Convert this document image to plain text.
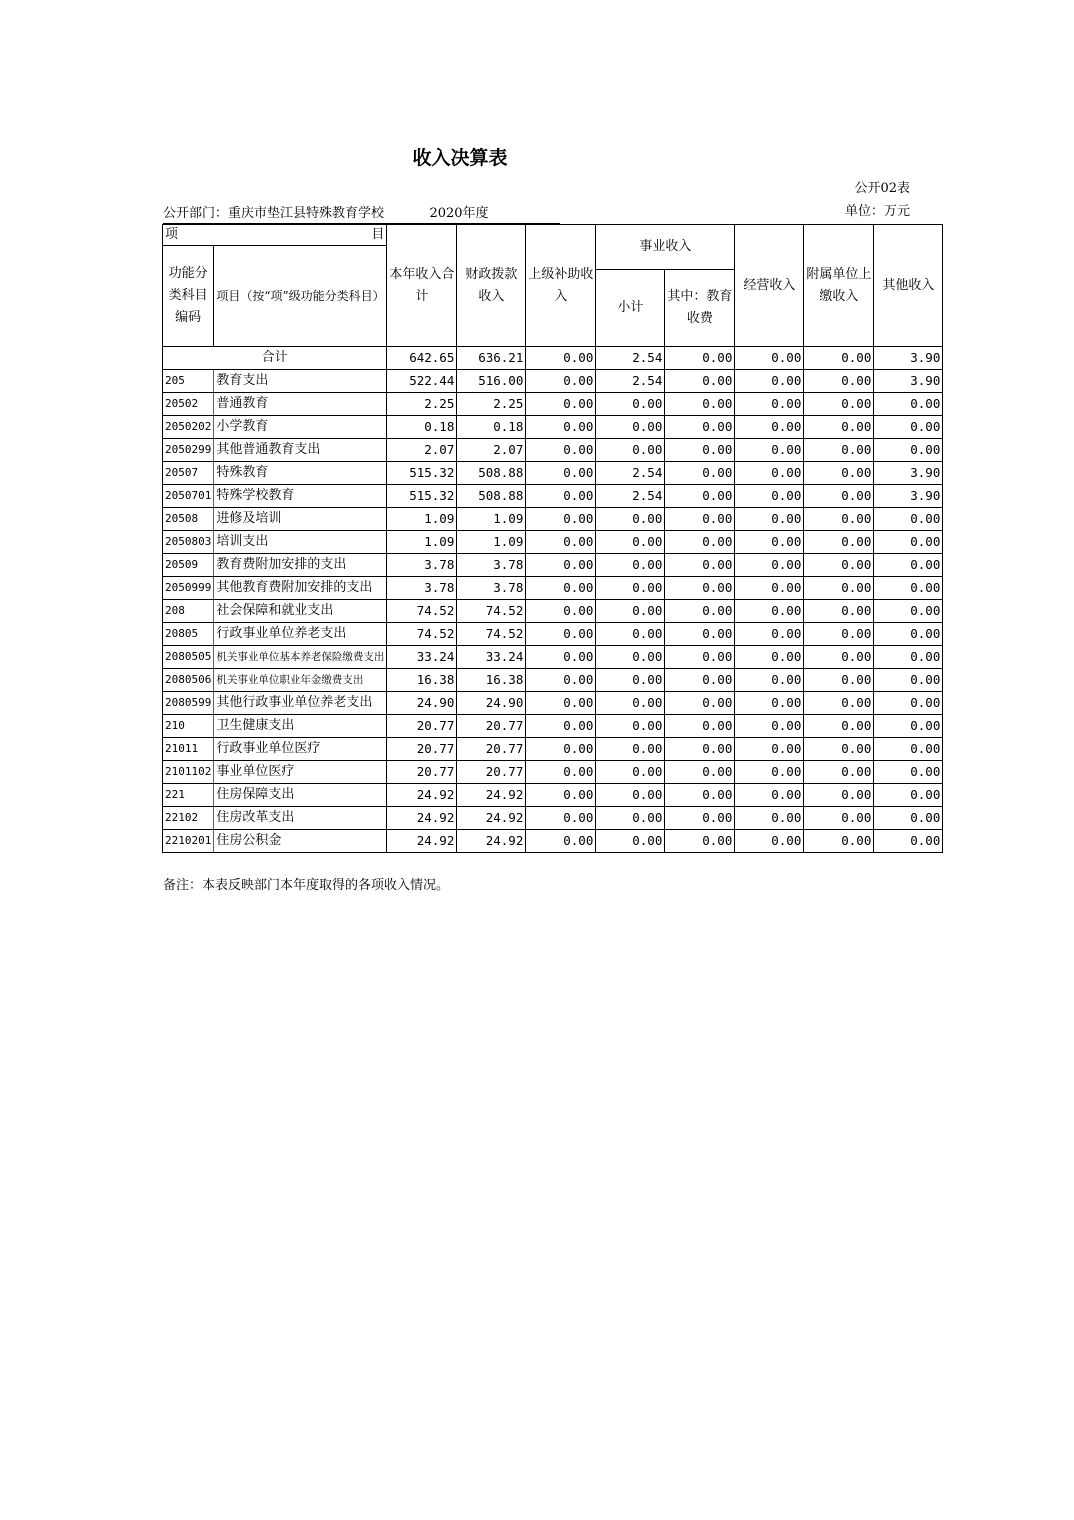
收入决算表
公开部门：重庆市垫江县特殊教育学校	2020年度
公开02表
单位：万元
项 目		本年收入合计	财政拨款收入	上级补助收入	事业收入		经营收入	附属单位上缴收入	其他收入
功能分类科目编码	项目（按“项”级功能分类科目）								
					小计	其中：教育收费			
合计		642.65	636.21	0.00	2.54	0.00	0.00	0.00	3.90
205	教育支出	522.44	516.00	0.00	2.54	0.00	0.00	0.00	3.90
20502	普通教育	2.25	2.25	0.00	0.00	0.00	0.00	0.00	0.00
2050202	小学教育	0.18	0.18	0.00	0.00	0.00	0.00	0.00	0.00
2050299	其他普通教育支出	2.07	2.07	0.00	0.00	0.00	0.00	0.00	0.00
20507	特殊教育	515.32	508.88	0.00	2.54	0.00	0.00	0.00	3.90
2050701	特殊学校教育	515.32	508.88	0.00	2.54	0.00	0.00	0.00	3.90
20508	进修及培训	1.09	1.09	0.00	0.00	0.00	0.00	0.00	0.00
2050803	培训支出	1.09	1.09	0.00	0.00	0.00	0.00	0.00	0.00
20509	教育费附加安排的支出	3.78	3.78	0.00	0.00	0.00	0.00	0.00	0.00
2050999	其他教育费附加安排的支出	3.78	3.78	0.00	0.00	0.00	0.00	0.00	0.00
208	社会保障和就业支出	74.52	74.52	0.00	0.00	0.00	0.00	0.00	0.00
20805	行政事业单位养老支出	74.52	74.52	0.00	0.00	0.00	0.00	0.00	0.00
2080505	机关事业单位基本养老保险缴费支出	33.24	33.24	0.00	0.00	0.00	0.00	0.00	0.00
2080506	机关事业单位职业年金缴费支出	16.38	16.38	0.00	0.00	0.00	0.00	0.00	0.00
2080599	其他行政事业单位养老支出	24.90	24.90	0.00	0.00	0.00	0.00	0.00	0.00
210	卫生健康支出	20.77	20.77	0.00	0.00	0.00	0.00	0.00	0.00
21011	行政事业单位医疗	20.77	20.77	0.00	0.00	0.00	0.00	0.00	0.00
2101102	事业单位医疗	20.77	20.77	0.00	0.00	0.00	0.00	0.00	0.00
221	住房保障支出	24.92	24.92	0.00	0.00	0.00	0.00	0.00	0.00
22102	住房改革支出	24.92	24.92	0.00	0.00	0.00	0.00	0.00	0.00
2210201	住房公积金	24.92	24.92	0.00	0.00	0.00	0.00	0.00	0.00
备注：本表反映部门本年度取得的各项收入情况。
